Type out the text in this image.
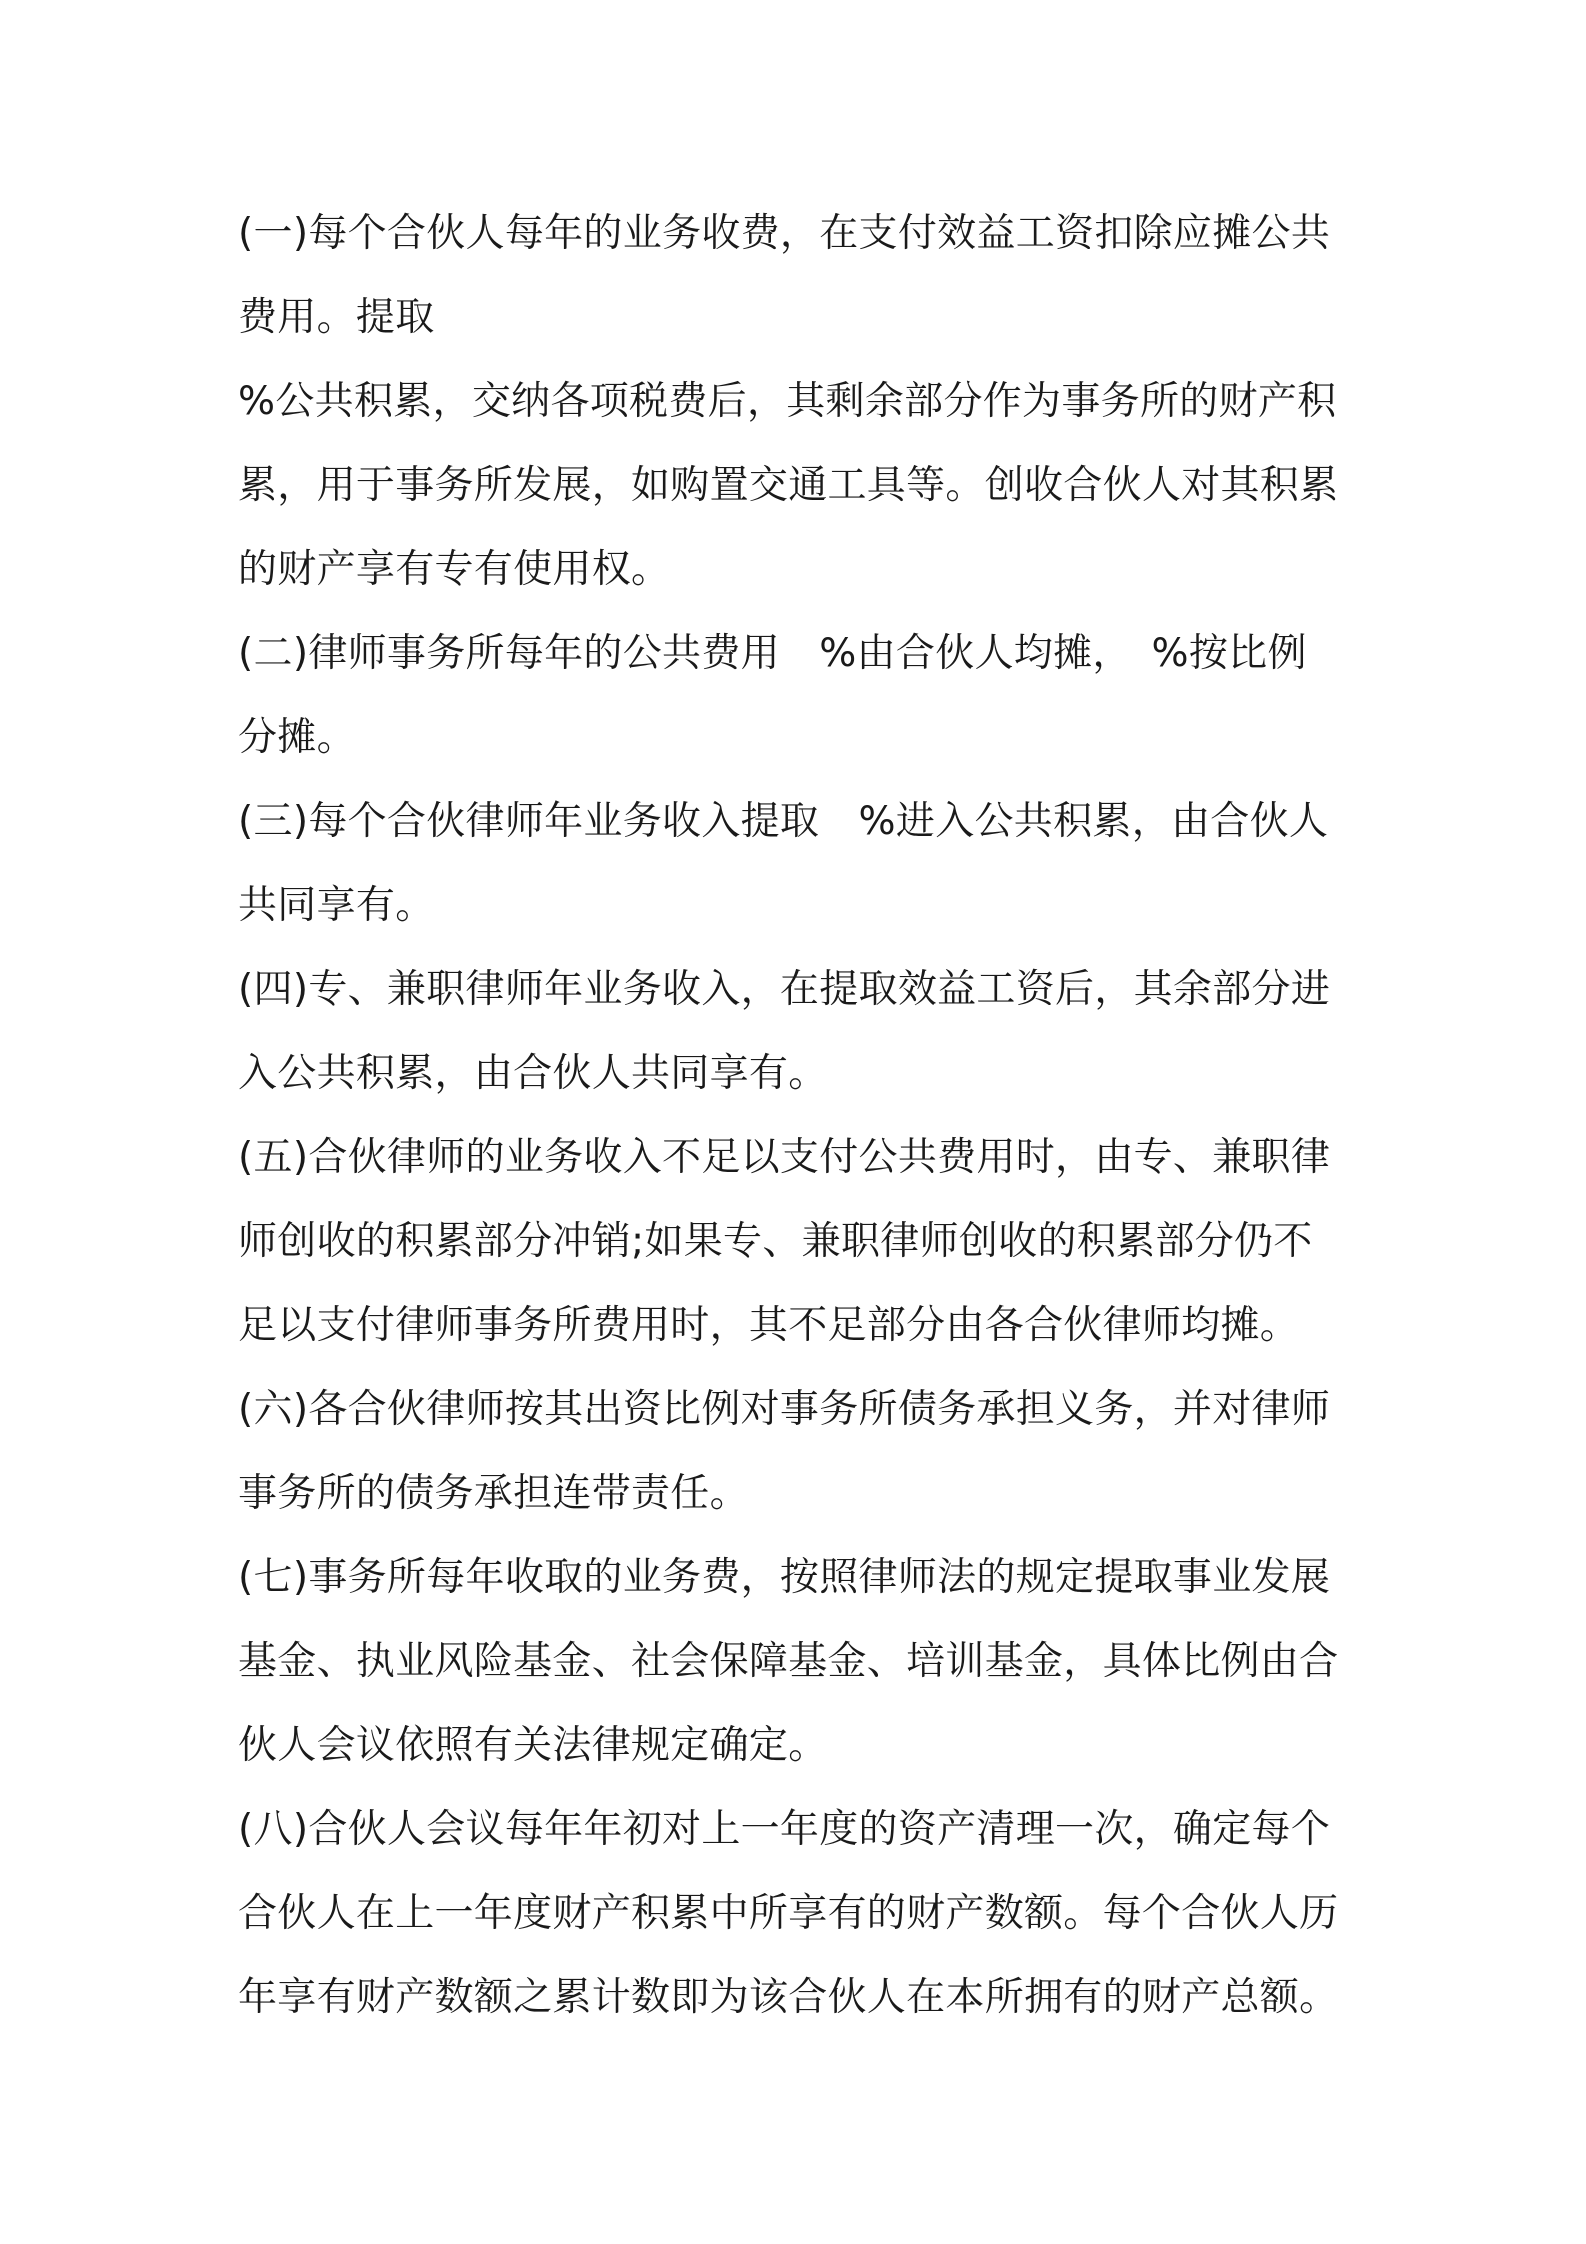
(一)每个合伙人每年的业务收费，在支付效益工资扣除应摊公共
费用。提取
%公共积累，交纳各项税费后，其剩余部分作为事务所的财产积
累，用于事务所发展，如购置交通工具等。创收合伙人对其积累
的财产享有专有使用权。
(二)律师事务所每年的公共费用　%由合伙人均摊，　%按比例
分摊。
(三)每个合伙律师年业务收入提取　%进入公共积累，由合伙人
共同享有。
(四)专、兼职律师年业务收入，在提取效益工资后，其余部分进
入公共积累，由合伙人共同享有。
(五)合伙律师的业务收入不足以支付公共费用时，由专、兼职律
师创收的积累部分冲销;如果专、兼职律师创收的积累部分仍不
足以支付律师事务所费用时，其不足部分由各合伙律师均摊。
(六)各合伙律师按其出资比例对事务所债务承担义务，并对律师
事务所的债务承担连带责任。
(七)事务所每年收取的业务费，按照律师法的规定提取事业发展
基金、执业风险基金、社会保障基金、培训基金，具体比例由合
伙人会议依照有关法律规定确定。
(八)合伙人会议每年年初对上一年度的资产清理一次，确定每个
合伙人在上一年度财产积累中所享有的财产数额。每个合伙人历
年享有财产数额之累计数即为该合伙人在本所拥有的财产总额。
